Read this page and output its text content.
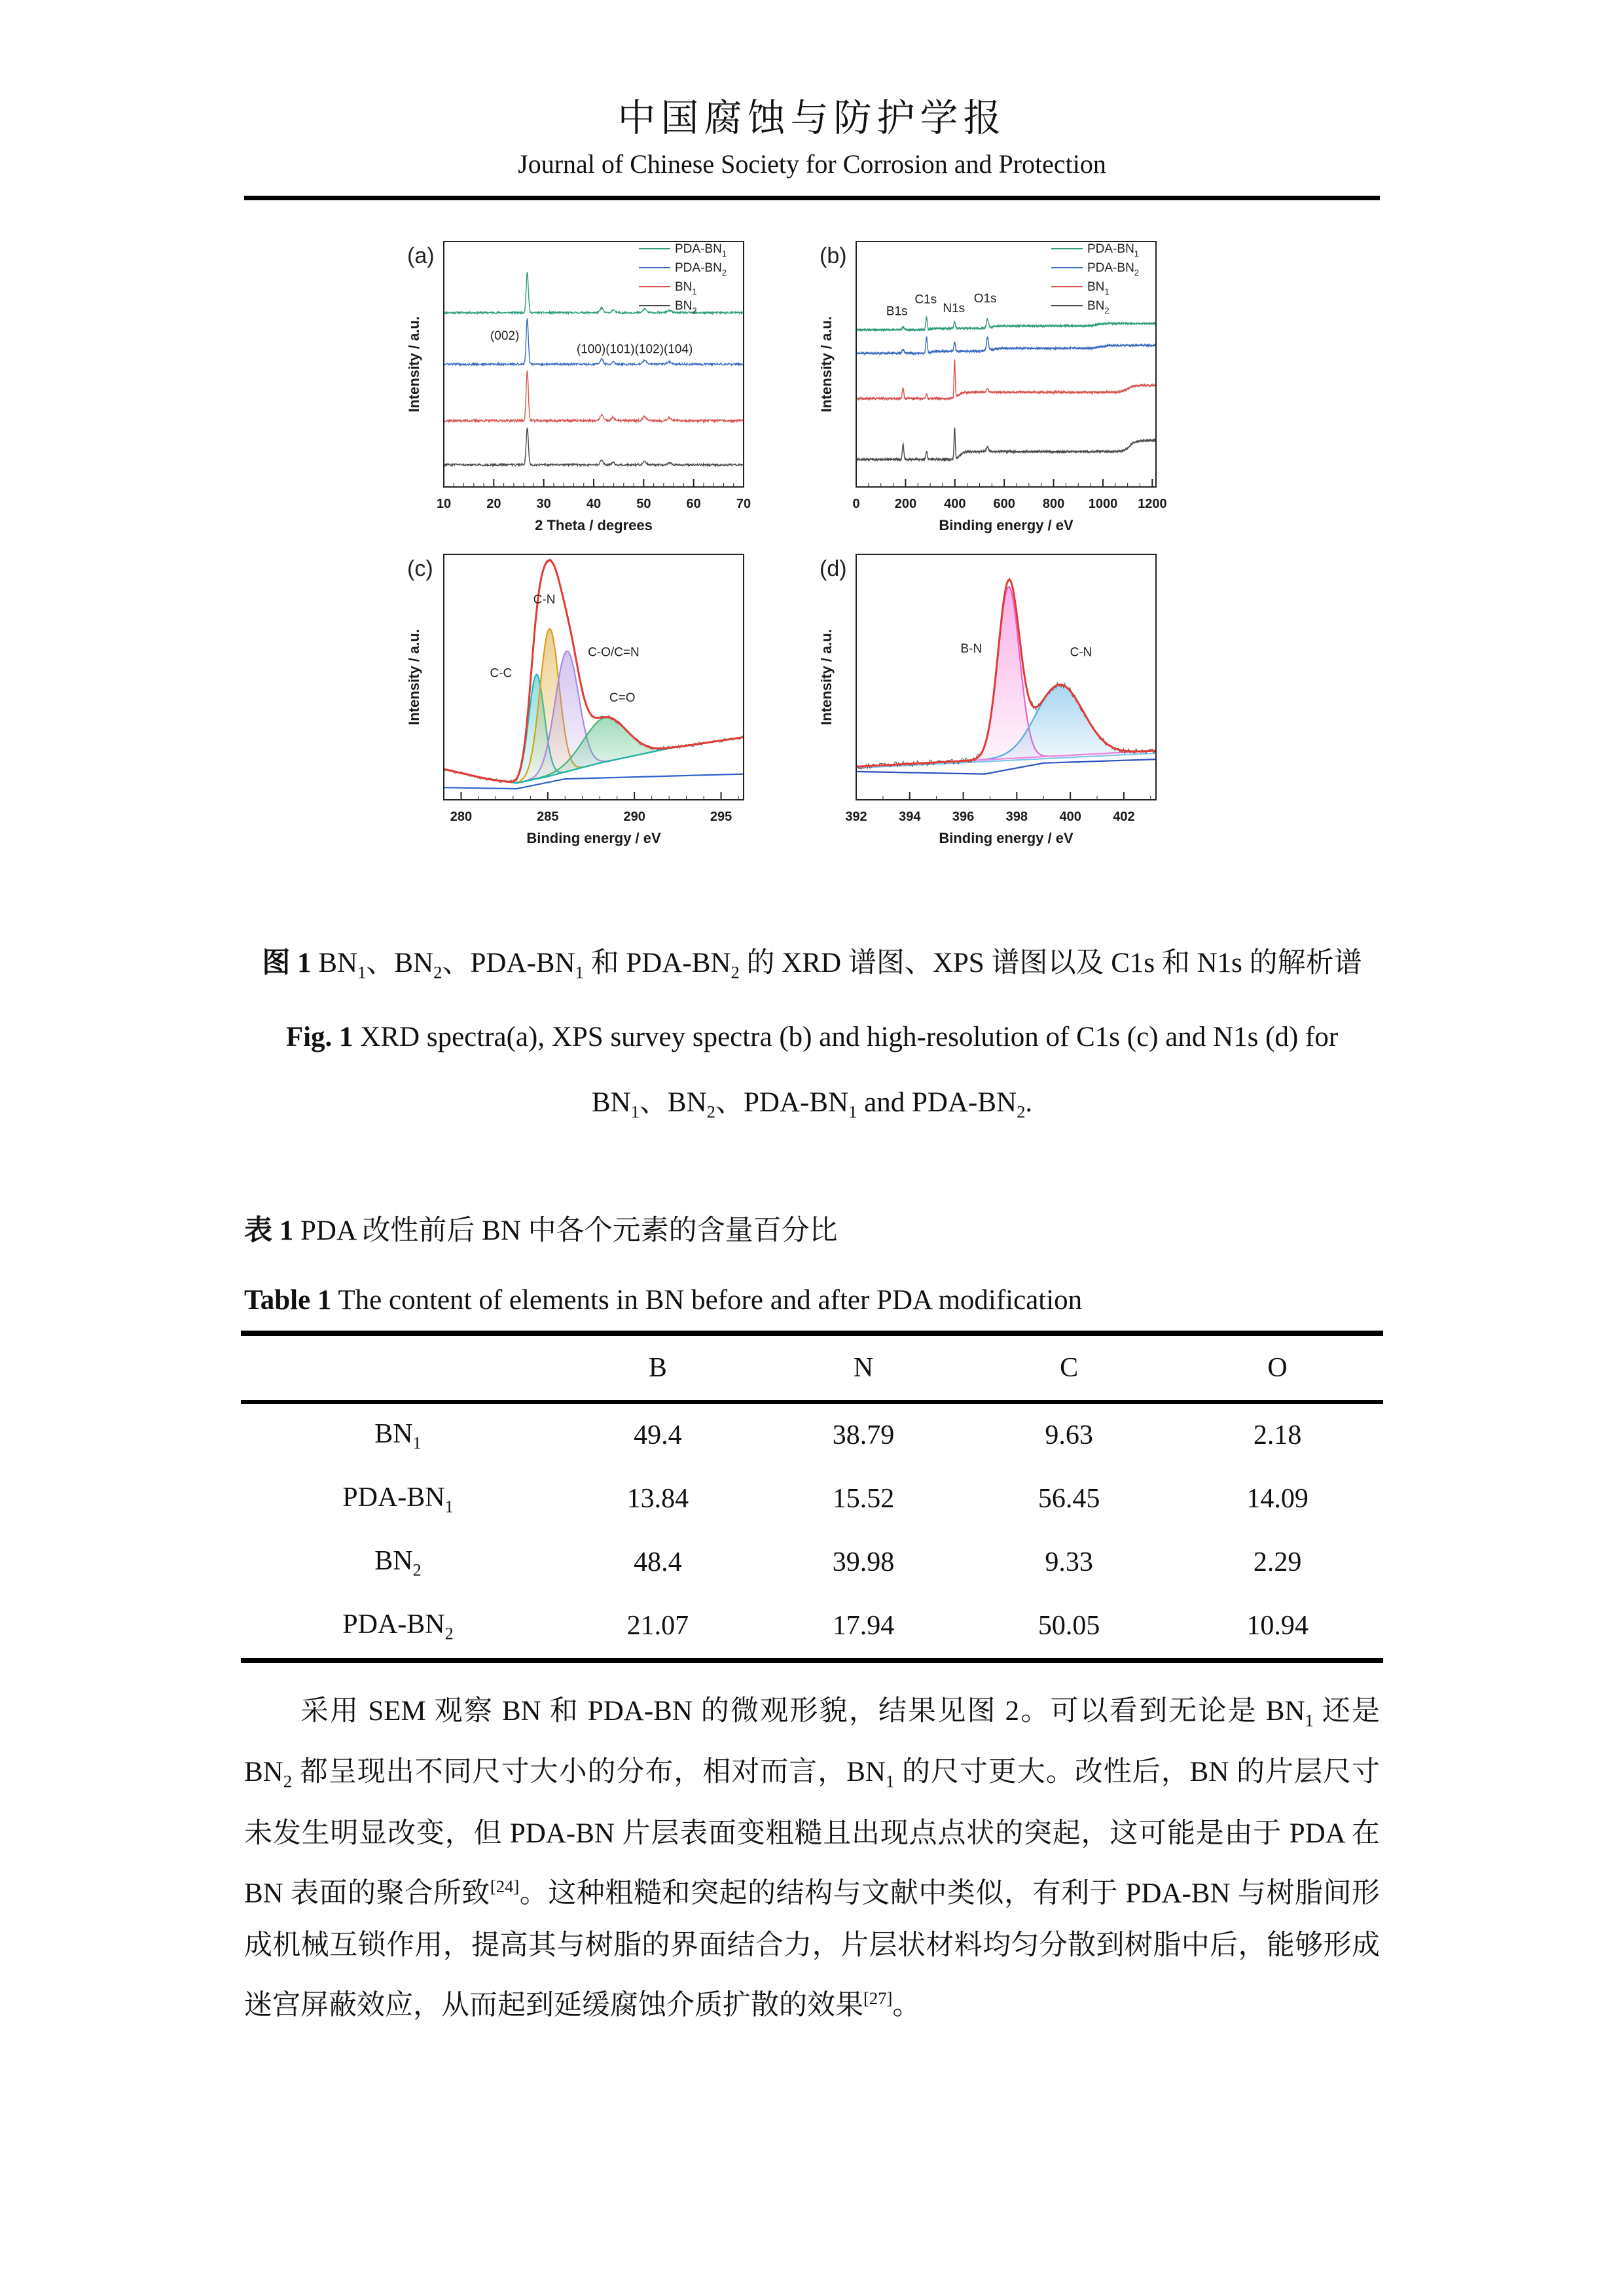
中国腐蚀与防护学报
Journal of Chinese Society for Corrosion and Protection
10	20	30	40	50	60	70
2 Theta / degrees
Intensity / a.u.
(a)
(002)
(100)(101)(102)(104)
PDA-$BN_1$
PDA-$BN_2$
$BN_1$
$BN_2$
0	200 400 600 800 1000 1200
Binding energy / eV
Intensity / a.u.
(b)
B1s
C1s
N1s
O1s
PDA-$BN_1$
PDA-$BN_2$
$BN_1$
$BN_2$
280	285	290	295
Binding energy / eV
Intensity / a.u.
(c)
C-C
C-N
C-O/C=N
C=O
392 394 396 398 400 402
Binding energy / eV
Intensity / a.u.
(d)
B-N	C-N

图 1 $BN_1$、$BN_2$、PDA-$BN_1$ 和 PDA-$BN_2$ 的 XRD 谱图、XPS 谱图以及 C1s 和 N1s 的解析谱

Fig. 1 XRD spectra(a), XPS survey spectra (b) and high-resolution of C1s (c) and N1s (d) for

$BN_1$、$BN_2$、PDA-$BN_1$ and PDA-$BN_2$.

表 1 PDA 改性前后 BN 中各个元素的含量百分比
Table 1 The content of elements in BN before and after PDA modification
	B	N	C	O
$BN_1$	49.4	38.79	9.63	2.18
PDA-$BN_1$	13.84	15.52	56.45	14.09
$BN_2$	48.4	39.98	9.33	2.29
PDA-$BN_2$	21.07	17.94	50.05	10.94

采用 SEM 观察 BN 和 PDA-BN 的微观形貌，结果见图 2。可以看到无论是 $BN_1$ 还是 $BN_2$ 都呈现出不同尺寸大小的分布，相对而言，$BN_1$ 的尺寸更大。改性后，BN 的片层尺寸未发生明显改变，但 PDA-BN 片层表面变粗糙且出现点点状的突起，这可能是由于 PDA 在 BN 表面的聚合所致[24]。这种粗糙和突起的结构与文献中类似，有利于 PDA-BN 与树脂间形成机械互锁作用，提高其与树脂的界面结合力，片层状材料均匀分散到树脂中后，能够形成迷宫屏蔽效应，从而起到延缓腐蚀介质扩散的效果[27]。
